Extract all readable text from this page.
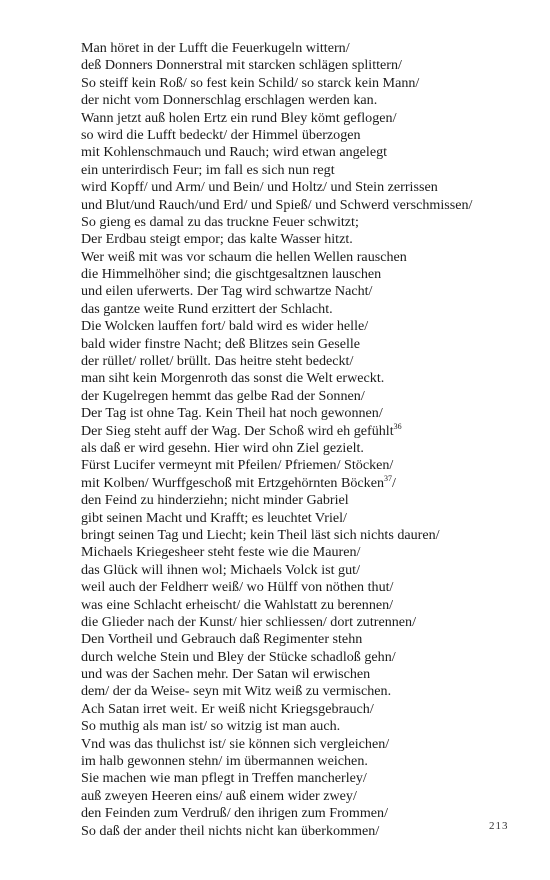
Man höret in der Lufft die Feuerkugeln wittern/
deß Donners Donnerstral mit starcken schlägen splittern/
So steiff kein Roß/ so fest kein Schild/ so starck kein Mann/
der nicht vom Donnerschlag erschlagen werden kan.
Wann jetzt auß holen Ertz ein rund Bley kömt geflogen/
so wird die Lufft bedeckt/ der Himmel überzogen
mit Kohlenschmauch und Rauch; wird etwan angelegt
ein unterirdisch Feur; im fall es sich nun regt
wird Kopff/ und Arm/ und Bein/ und Holtz/ und Stein zerrissen
und Blut/und Rauch/und Erd/ und Spieß/ und Schwerd verschmissen/
So gieng es damal zu das truckne Feuer schwitzt;
Der Erdbau steigt empor; das kalte Wasser hitzt.
Wer weiß mit was vor schaum die hellen Wellen rauschen
die Himmelhöher sind; die gischtgesaltznen lauschen
und eilen uferwerts. Der Tag wird schwartze Nacht/
das gantze weite Rund erzittert der Schlacht.
Die Wolcken lauffen fort/ bald wird es wider helle/
bald wider finstre Nacht; deß Blitzes sein Geselle
der rüllet/ rollet/ brüllt. Das heitre steht bedeckt/
man siht kein Morgenroth das sonst die Welt erweckt.
der Kugelregen hemmt das gelbe Rad der Sonnen/
Der Tag ist ohne Tag. Kein Theil hat noch gewonnen/
Der Sieg steht auff der Wag. Der Schoß wird eh gefühlt$^{36}$
als daß er wird gesehn. Hier wird ohn Ziel gezielt.
Fürst Lucifer vermeynt mit Pfeilen/ Pfriemen/ Stöcken/
mit Kolben/ Wurffgeschoß mit Ertzgehörnten Böcken$^{37}$/
den Feind zu hinderziehn; nicht minder Gabriel
gibt seinen Macht und Krafft; es leuchtet Vriel/
bringt seinen Tag und Liecht; kein Theil läst sich nichts dauren/
Michaels Kriegesheer steht feste wie die Mauren/
das Glück will ihnen wol; Michaels Volck ist gut/
weil auch der Feldherr weiß/ wo Hülff von nöthen thut/
was eine Schlacht erheischt/ die Wahlstatt zu berennen/
die Glieder nach der Kunst/ hier schliessen/ dort zutrennen/
Den Vortheil und Gebrauch daß Regimenter stehn
durch welche Stein und Bley der Stücke schadloß gehn/
und was der Sachen mehr. Der Satan wil erwischen
dem/ der da Weise- seyn mit Witz weiß zu vermischen.
Ach Satan irret weit. Er weiß nicht Kriegsgebrauch/
So muthig als man ist/ so witzig ist man auch.
Vnd was das thulichst ist/ sie können sich vergleichen/
im halb gewonnen stehn/ im übermannen weichen.
Sie machen wie man pflegt in Treffen mancherley/
auß zweyen Heeren eins/ auß einem wider zwey/
den Feinden zum Verdruß/ den ihrigen zum Frommen/
So daß der ander theil nichts nicht kan überkommen/	213
